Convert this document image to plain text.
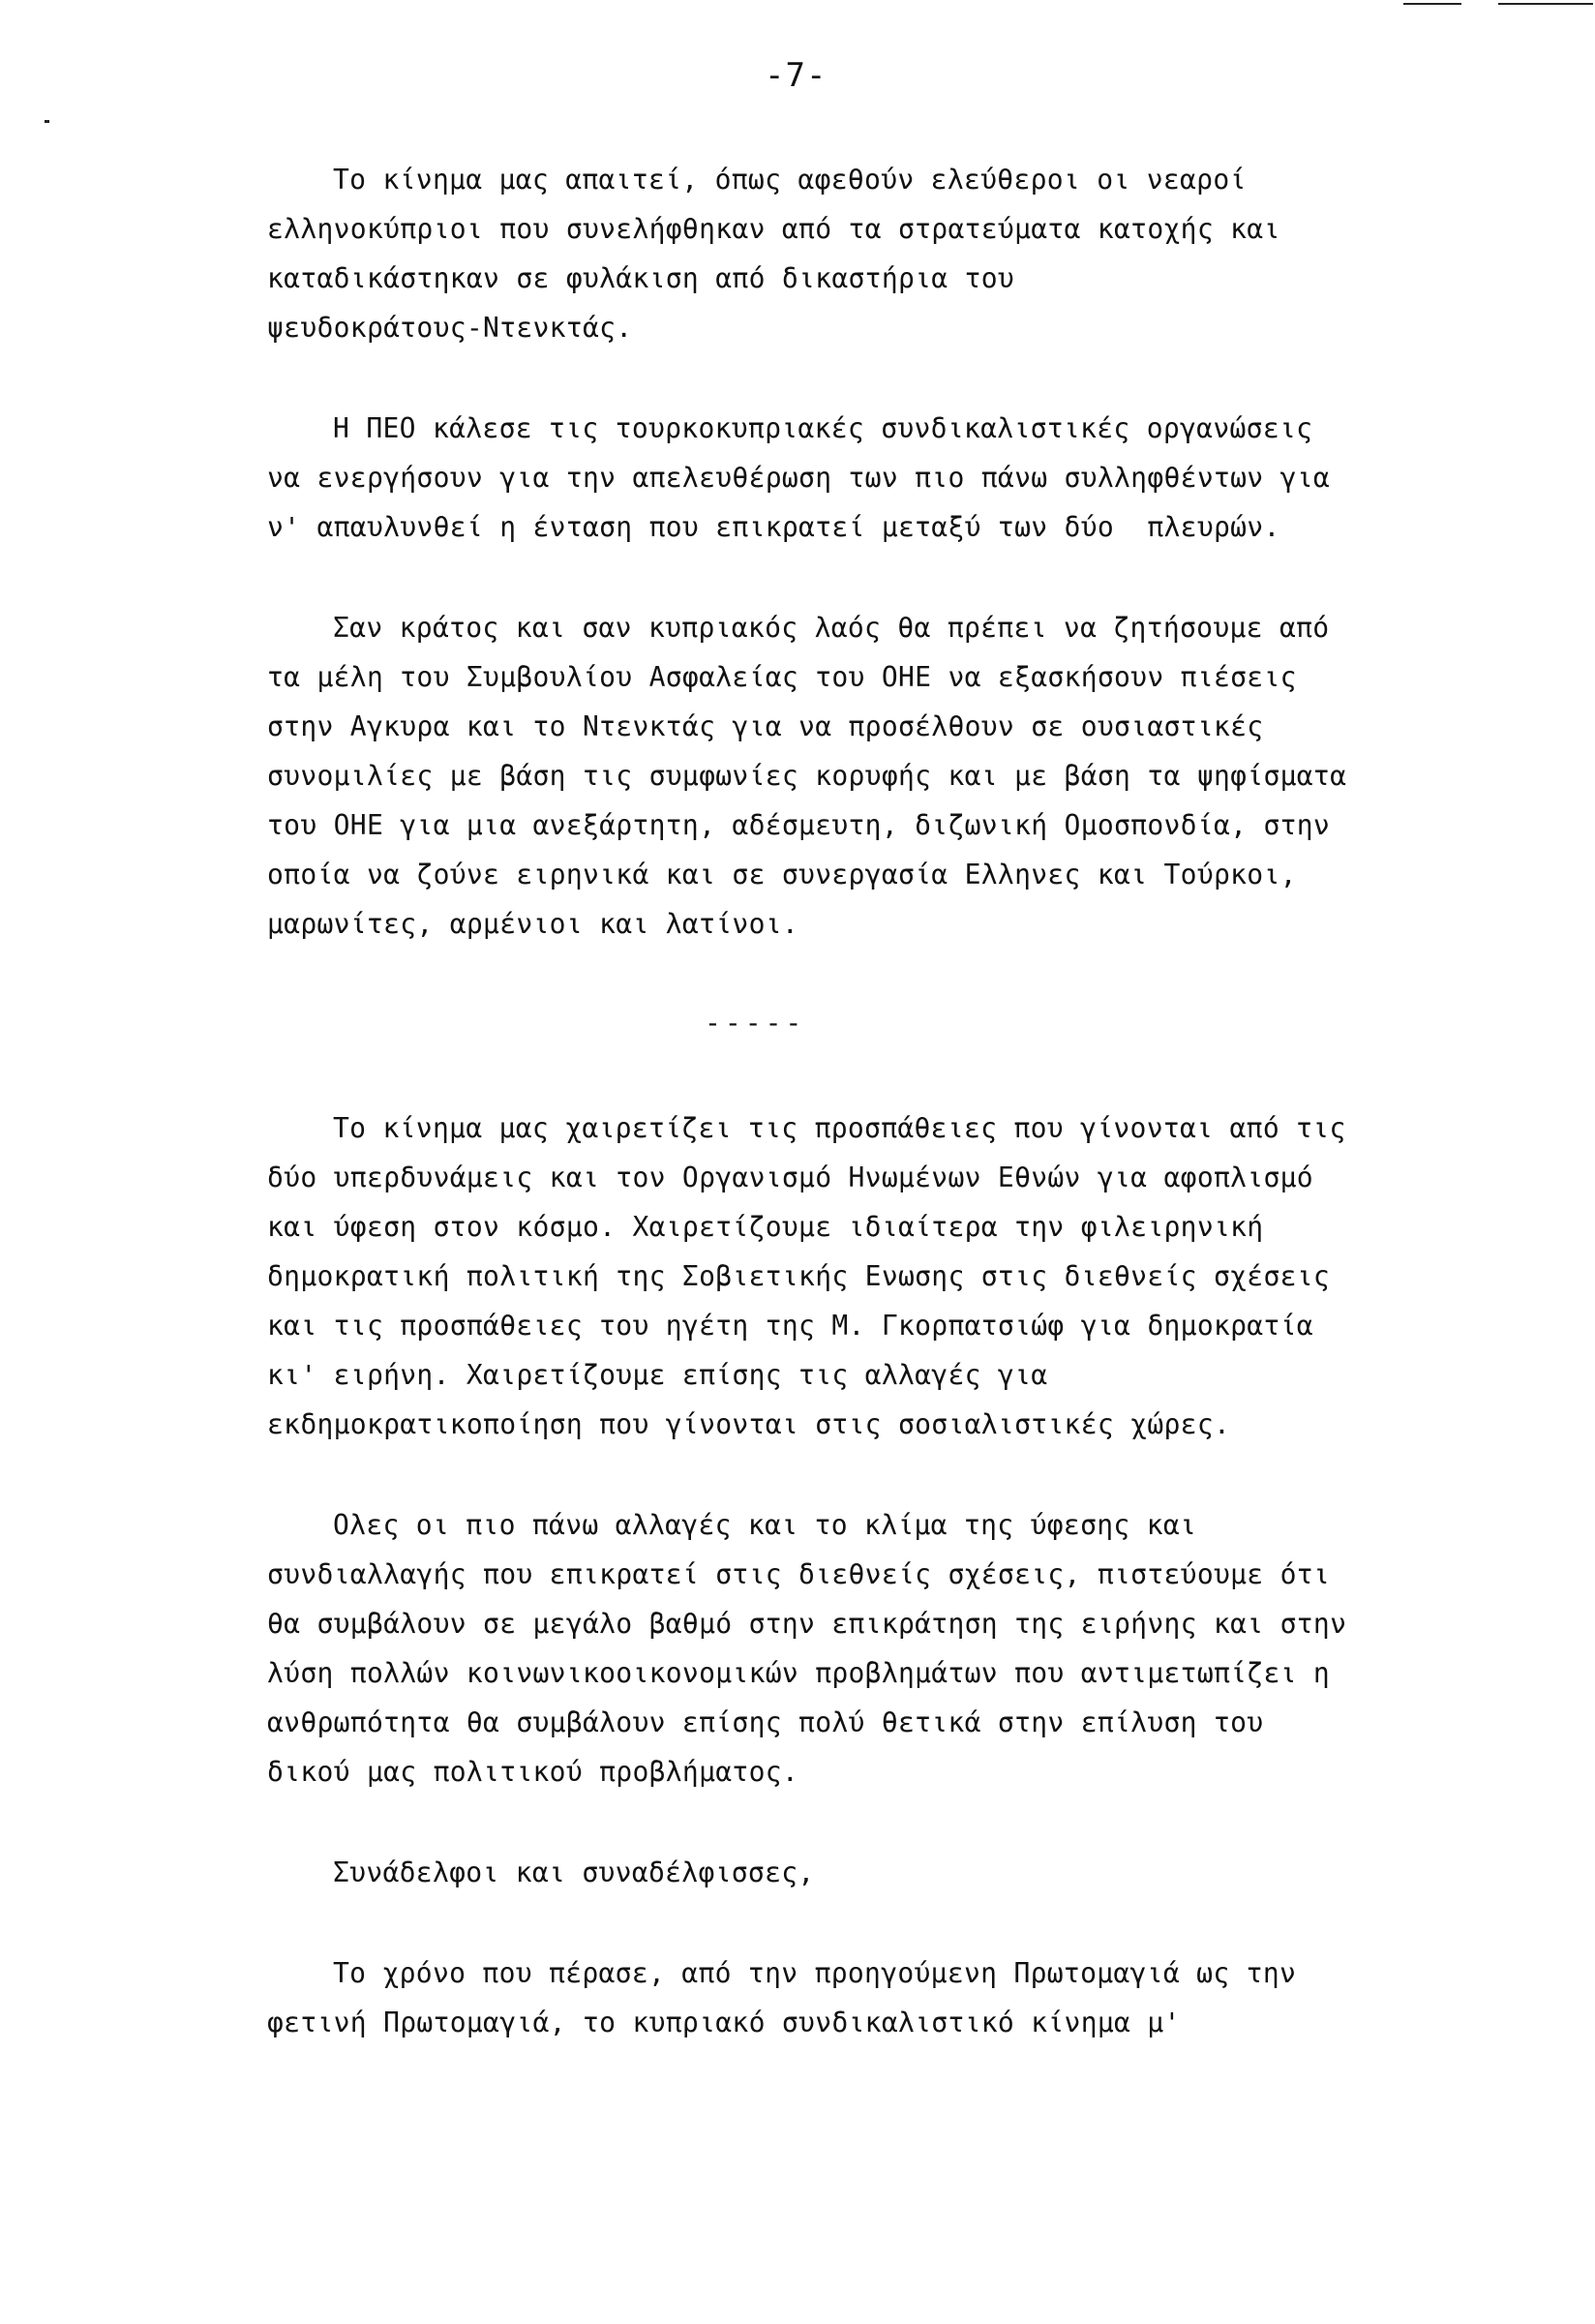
-7-
Το κίνημα μας απαιτεί, όπως αφεθούν ελεύθεροι οι νεαροί
ελληνοκύπριοι που συνελήφθηκαν από τα στρατεύματα κατοχής και
καταδικάστηκαν σε φυλάκιση από δικαστήρια του
ψευδοκράτους-Ντενκτάς.
Η ΠΕΟ κάλεσε τις τουρκοκυπριακές συνδικαλιστικές οργανώσεις
να ενεργήσουν για την απελευθέρωση των πιο πάνω συλληφθέντων για
ν' απαυλυνθεί η ένταση που επικρατεί μεταξύ των δύο  πλευρών.
Σαν κράτος και σαν κυπριακός λαός θα πρέπει να ζητήσουμε από
τα μέλη του Συμβουλίου Ασφαλείας του ΟΗΕ να εξασκήσουν πιέσεις
στην Αγκυρα και το Ντενκτάς για να προσέλθουν σε ουσιαστικές
συνομιλίες με βάση τις συμφωνίες κορυφής και με βάση τα ψηφίσματα
του ΟΗΕ για μια ανεξάρτητη, αδέσμευτη, διζωνική Ομοσπονδία, στην
οποία να ζούνε ειρηνικά και σε συνεργασία Ελληνες και Τούρκοι,
μαρωνίτες, αρμένιοι και λατίνοι.
-----
Το κίνημα μας χαιρετίζει τις προσπάθειες που γίνονται από τις
δύο υπερδυνάμεις και τον Οργανισμό Ηνωμένων Εθνών για αφοπλισμό
και ύφεση στον κόσμο. Χαιρετίζουμε ιδιαίτερα την φιλειρηνική
δημοκρατική πολιτική της Σοβιετικής Ενωσης στις διεθνείς σχέσεις
και τις προσπάθειες του ηγέτη της Μ. Γκορπατσιώφ για δημοκρατία
κι' ειρήνη. Χαιρετίζουμε επίσης τις αλλαγές για
εκδημοκρατικοποίηση που γίνονται στις σοσιαλιστικές χώρες.
Ολες οι πιο πάνω αλλαγές και το κλίμα της ύφεσης και
συνδιαλλαγής που επικρατεί στις διεθνείς σχέσεις, πιστεύουμε ότι
θα συμβάλουν σε μεγάλο βαθμό στην επικράτηση της ειρήνης και στην
λύση πολλών κοινωνικοοικονομικών προβλημάτων που αντιμετωπίζει η
ανθρωπότητα θα συμβάλουν επίσης πολύ θετικά στην επίλυση του
δικού μας πολιτικού προβλήματος.
Συνάδελφοι και συναδέλφισσες,
Το χρόνο που πέρασε, από την προηγούμενη Πρωτομαγιά ως την
φετινή Πρωτομαγιά, το κυπριακό συνδικαλιστικό κίνημα μ'
